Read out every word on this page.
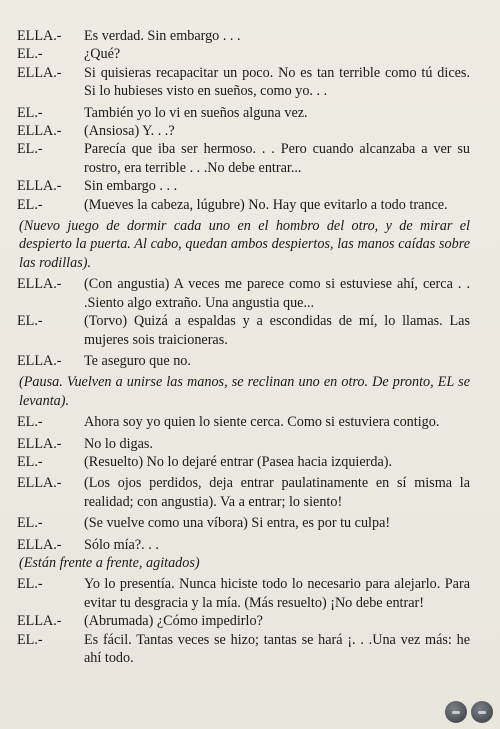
ELLA.- Es verdad. Sin embargo . . .
EL.-	¿Qué?
ELLA.- Si quisieras recapacitar un poco. No es tan terrible como tú dices. Si lo hubieses visto en sueños, como yo. . .
EL.-	También yo lo vi en sueños alguna vez.
ELLA.- (Ansiosa) Y. . .?
EL.-	Parecía que iba ser hermoso. . . Pero cuando alcanzaba a ver su rostro, era terrible . . .No debe entrar...
ELLA.- Sin embargo . . .
EL.-	(Mueves la cabeza, lúgubre) No. Hay que evitarlo a todo trance.
(Nuevo juego de dormir cada uno en el hombro del otro, y de mirar el despierto la puerta. Al cabo, quedan ambos despiertos, las manos caídas sobre las rodillas).
ELLA.- (Con angustia) A veces me parece como si estuviese ahí, cerca . . .Siento algo extraño. Una angustia que...
EL.-	(Torvo) Quizá a espaldas y a escondidas de mí, lo llamas. Las mujeres sois traicioneras.
ELLA.- Te aseguro que no.
(Pausa. Vuelven a unirse las manos, se reclinan uno en otro. De pronto, EL se levanta).
EL.-	Ahora soy yo quien lo siente cerca. Como si estuviera contigo.
ELLA.- No lo digas.
EL.-	(Resuelto) No lo dejaré entrar (Pasea hacia izquierda).
ELLA.- (Los ojos perdidos, deja entrar paulatinamente en sí misma la realidad; con angustia). Va a entrar; lo siento!
EL.-	(Se vuelve como una víbora) Si entra, es por tu culpa!
ELLA.- Sólo mía?. . .
(Están frente a frente, agitados)
EL.-	Yo lo presentía. Nunca hiciste todo lo necesario para alejarlo. Para evitar tu desgracia y la mía. (Más resuelto) ¡No debe entrar!
ELLA.- (Abrumada) ¿Cómo impedirlo?
EL.-	Es fácil. Tantas veces se hizo; tantas se hará ¡. . .Una vez más: he ahí todo.
